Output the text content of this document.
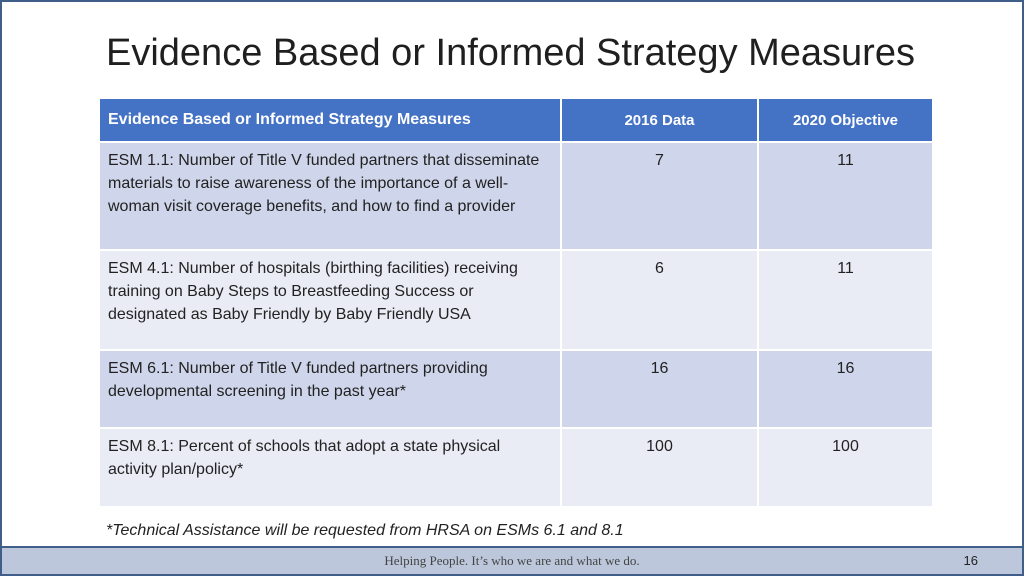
Evidence Based or Informed Strategy Measures
Evidence Based or Informed Strategy Measures	2016 Data	2020 Objective
ESM 1.1: Number of Title V funded partners that disseminate materials to raise awareness of the importance of a well-woman visit coverage benefits, and how to find a provider	7	11
ESM 4.1: Number of hospitals (birthing facilities) receiving training on Baby Steps to Breastfeeding Success or designated as Baby Friendly by Baby Friendly USA	6	11
ESM 6.1: Number of Title V funded partners providing developmental screening in the past year*	16	16
ESM 8.1: Percent of schools that adopt a state physical activity plan/policy*	100	100
*Technical Assistance will be requested from HRSA on ESMs 6.1 and 8.1
Helping People. It’s who we are and what we do.	16
